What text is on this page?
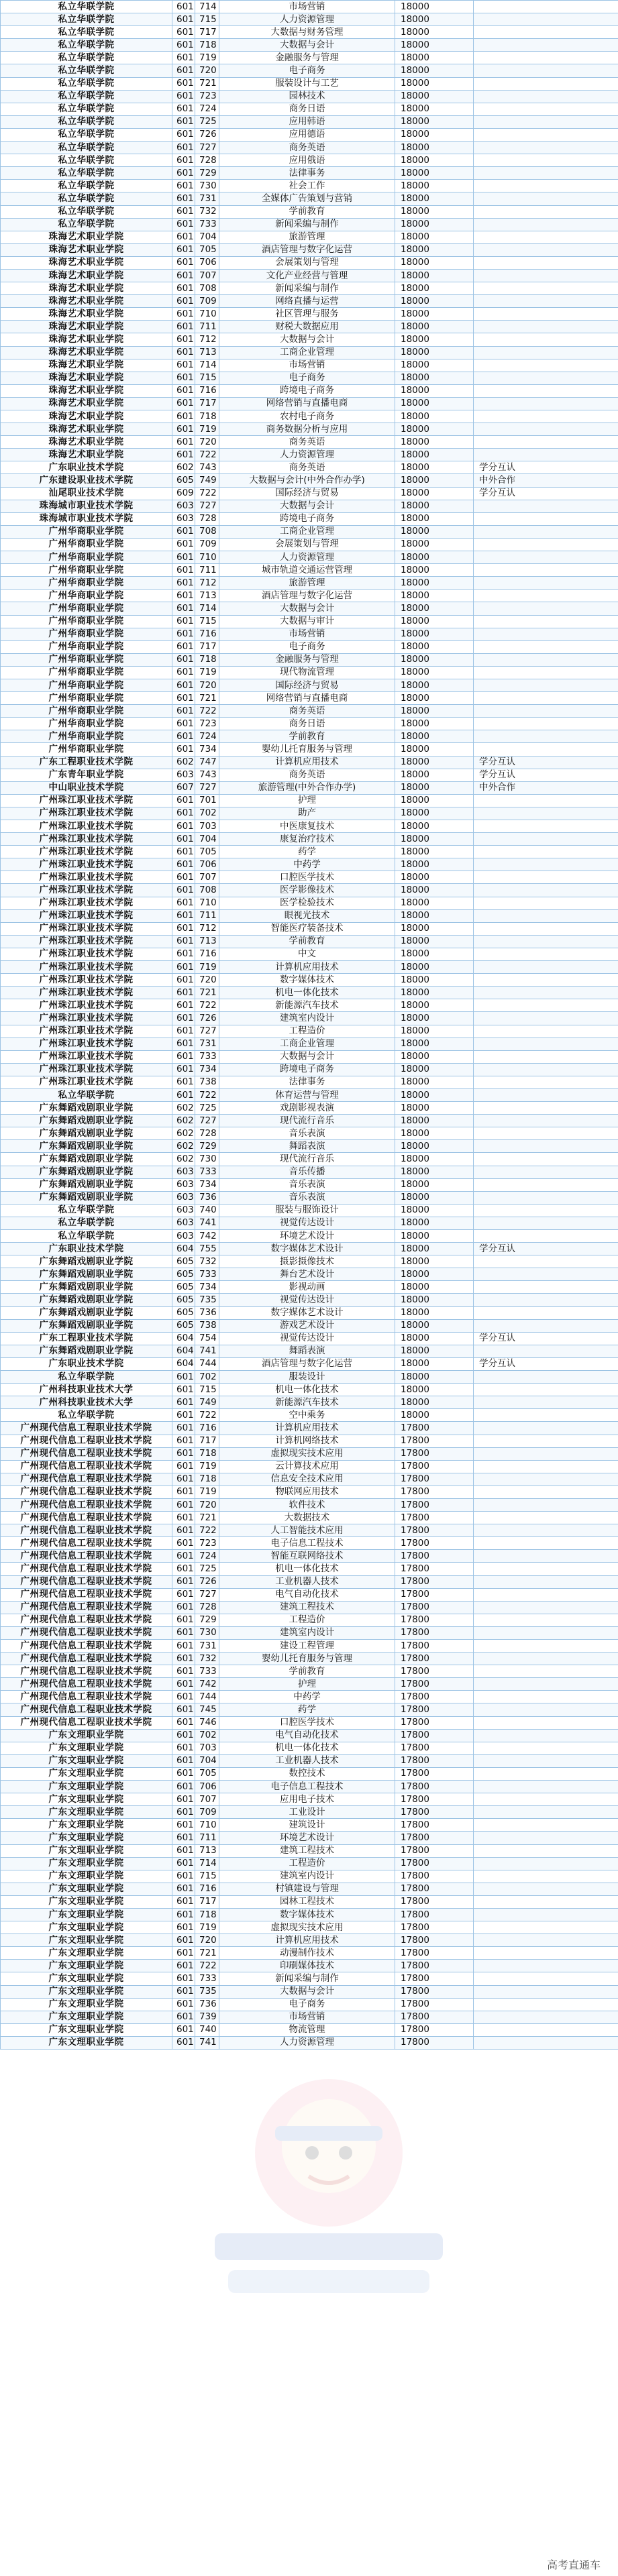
私立华联学院	601	714	市场营销	18000	
私立华联学院	601	715	人力资源管理	18000	
私立华联学院	601	717	大数据与财务管理	18000	
私立华联学院	601	718	大数据与会计	18000	
私立华联学院	601	719	金融服务与管理	18000	
私立华联学院	601	720	电子商务	18000	
私立华联学院	601	721	服装设计与工艺	18000	
私立华联学院	601	723	园林技术	18000	
私立华联学院	601	724	商务日语	18000	
私立华联学院	601	725	应用韩语	18000	
私立华联学院	601	726	应用德语	18000	
私立华联学院	601	727	商务英语	18000	
私立华联学院	601	728	应用俄语	18000	
私立华联学院	601	729	法律事务	18000	
私立华联学院	601	730	社会工作	18000	
私立华联学院	601	731	全媒体广告策划与营销	18000	
私立华联学院	601	732	学前教育	18000	
私立华联学院	601	733	新闻采编与制作	18000	
珠海艺术职业学院	601	704	旅游管理	18000	
珠海艺术职业学院	601	705	酒店管理与数字化运营	18000	
珠海艺术职业学院	601	706	会展策划与管理	18000	
珠海艺术职业学院	601	707	文化产业经营与管理	18000	
珠海艺术职业学院	601	708	新闻采编与制作	18000	
珠海艺术职业学院	601	709	网络直播与运营	18000	
珠海艺术职业学院	601	710	社区管理与服务	18000	
珠海艺术职业学院	601	711	财税大数据应用	18000	
珠海艺术职业学院	601	712	大数据与会计	18000	
珠海艺术职业学院	601	713	工商企业管理	18000	
珠海艺术职业学院	601	714	市场营销	18000	
珠海艺术职业学院	601	715	电子商务	18000	
珠海艺术职业学院	601	716	跨境电子商务	18000	
珠海艺术职业学院	601	717	网络营销与直播电商	18000	
珠海艺术职业学院	601	718	农村电子商务	18000	
珠海艺术职业学院	601	719	商务数据分析与应用	18000	
珠海艺术职业学院	601	720	商务英语	18000	
珠海艺术职业学院	601	722	人力资源管理	18000	
广东职业技术学院	602	743	商务英语	18000	学分互认
广东建设职业技术学院	605	749	大数据与会计(中外合作办学)	18000	中外合作
汕尾职业技术学院	609	722	国际经济与贸易	18000	学分互认
珠海城市职业技术学院	603	727	大数据与会计	18000	
珠海城市职业技术学院	603	728	跨境电子商务	18000	
广州华商职业学院	601	708	工商企业管理	18000	
广州华商职业学院	601	709	会展策划与管理	18000	
广州华商职业学院	601	710	人力资源管理	18000	
广州华商职业学院	601	711	城市轨道交通运营管理	18000	
广州华商职业学院	601	712	旅游管理	18000	
广州华商职业学院	601	713	酒店管理与数字化运营	18000	
广州华商职业学院	601	714	大数据与会计	18000	
广州华商职业学院	601	715	大数据与审计	18000	
广州华商职业学院	601	716	市场营销	18000	
广州华商职业学院	601	717	电子商务	18000	
广州华商职业学院	601	718	金融服务与管理	18000	
广州华商职业学院	601	719	现代物流管理	18000	
广州华商职业学院	601	720	国际经济与贸易	18000	
广州华商职业学院	601	721	网络营销与直播电商	18000	
广州华商职业学院	601	722	商务英语	18000	
广州华商职业学院	601	723	商务日语	18000	
广州华商职业学院	601	724	学前教育	18000	
广州华商职业学院	601	734	婴幼儿托育服务与管理	18000	
广东工程职业技术学院	602	747	计算机应用技术	18000	学分互认
广东青年职业学院	603	743	商务英语	18000	学分互认
中山职业技术学院	607	727	旅游管理(中外合作办学)	18000	中外合作
广州珠江职业技术学院	601	701	护理	18000	
广州珠江职业技术学院	601	702	助产	18000	
广州珠江职业技术学院	601	703	中医康复技术	18000	
广州珠江职业技术学院	601	704	康复治疗技术	18000	
广州珠江职业技术学院	601	705	药学	18000	
广州珠江职业技术学院	601	706	中药学	18000	
广州珠江职业技术学院	601	707	口腔医学技术	18000	
广州珠江职业技术学院	601	708	医学影像技术	18000	
广州珠江职业技术学院	601	710	医学检验技术	18000	
广州珠江职业技术学院	601	711	眼视光技术	18000	
广州珠江职业技术学院	601	712	智能医疗装备技术	18000	
广州珠江职业技术学院	601	713	学前教育	18000	
广州珠江职业技术学院	601	716	中文	18000	
广州珠江职业技术学院	601	719	计算机应用技术	18000	
广州珠江职业技术学院	601	720	数字媒体技术	18000	
广州珠江职业技术学院	601	721	机电一体化技术	18000	
广州珠江职业技术学院	601	722	新能源汽车技术	18000	
广州珠江职业技术学院	601	726	建筑室内设计	18000	
广州珠江职业技术学院	601	727	工程造价	18000	
广州珠江职业技术学院	601	731	工商企业管理	18000	
广州珠江职业技术学院	601	733	大数据与会计	18000	
广州珠江职业技术学院	601	734	跨境电子商务	18000	
广州珠江职业技术学院	601	738	法律事务	18000	
私立华联学院	601	722	体育运营与管理	18000	
广东舞蹈戏剧职业学院	602	725	戏剧影视表演	18000	
广东舞蹈戏剧职业学院	602	727	现代流行音乐	18000	
广东舞蹈戏剧职业学院	602	728	音乐表演	18000	
广东舞蹈戏剧职业学院	602	729	舞蹈表演	18000	
广东舞蹈戏剧职业学院	602	730	现代流行音乐	18000	
广东舞蹈戏剧职业学院	603	733	音乐传播	18000	
广东舞蹈戏剧职业学院	603	734	音乐表演	18000	
广东舞蹈戏剧职业学院	603	736	音乐表演	18000	
私立华联学院	603	740	服装与服饰设计	18000	
私立华联学院	603	741	视觉传达设计	18000	
私立华联学院	603	742	环境艺术设计	18000	
广东职业技术学院	604	755	数字媒体艺术设计	18000	学分互认
广东舞蹈戏剧职业学院	605	732	摄影摄像技术	18000	
广东舞蹈戏剧职业学院	605	733	舞台艺术设计	18000	
广东舞蹈戏剧职业学院	605	734	影视动画	18000	
广东舞蹈戏剧职业学院	605	735	视觉传达设计	18000	
广东舞蹈戏剧职业学院	605	736	数字媒体艺术设计	18000	
广东舞蹈戏剧职业学院	605	738	游戏艺术设计	18000	
广东工程职业技术学院	604	754	视觉传达设计	18000	学分互认
广东舞蹈戏剧职业学院	604	741	舞蹈表演	18000	
广东职业技术学院	604	744	酒店管理与数字化运营	18000	学分互认
私立华联学院	601	702	服装设计	18000	
广州科技职业技术大学	601	715	机电一体化技术	18000	
广州科技职业技术大学	601	749	新能源汽车技术	18000	
私立华联学院	601	722	空中乘务	18000	
广州现代信息工程职业技术学院	601	716	计算机应用技术	17800	
广州现代信息工程职业技术学院	601	717	计算机网络技术	17800	
广州现代信息工程职业技术学院	601	718	虚拟现实技术应用	17800	
广州现代信息工程职业技术学院	601	719	云计算技术应用	17800	
广州现代信息工程职业技术学院	601	718	信息安全技术应用	17800	
广州现代信息工程职业技术学院	601	719	物联网应用技术	17800	
广州现代信息工程职业技术学院	601	720	软件技术	17800	
广州现代信息工程职业技术学院	601	721	大数据技术	17800	
广州现代信息工程职业技术学院	601	722	人工智能技术应用	17800	
广州现代信息工程职业技术学院	601	723	电子信息工程技术	17800	
广州现代信息工程职业技术学院	601	724	智能互联网络技术	17800	
广州现代信息工程职业技术学院	601	725	机电一体化技术	17800	
广州现代信息工程职业技术学院	601	726	工业机器人技术	17800	
广州现代信息工程职业技术学院	601	727	电气自动化技术	17800	
广州现代信息工程职业技术学院	601	728	建筑工程技术	17800	
广州现代信息工程职业技术学院	601	729	工程造价	17800	
广州现代信息工程职业技术学院	601	730	建筑室内设计	17800	
广州现代信息工程职业技术学院	601	731	建设工程管理	17800	
广州现代信息工程职业技术学院	601	732	婴幼儿托育服务与管理	17800	
广州现代信息工程职业技术学院	601	733	学前教育	17800	
广州现代信息工程职业技术学院	601	742	护理	17800	
广州现代信息工程职业技术学院	601	744	中药学	17800	
广州现代信息工程职业技术学院	601	745	药学	17800	
广州现代信息工程职业技术学院	601	746	口腔医学技术	17800	
广东文理职业学院	601	702	电气自动化技术	17800	
广东文理职业学院	601	703	机电一体化技术	17800	
广东文理职业学院	601	704	工业机器人技术	17800	
广东文理职业学院	601	705	数控技术	17800	
广东文理职业学院	601	706	电子信息工程技术	17800	
广东文理职业学院	601	707	应用电子技术	17800	
广东文理职业学院	601	709	工业设计	17800	
广东文理职业学院	601	710	建筑设计	17800	
广东文理职业学院	601	711	环境艺术设计	17800	
广东文理职业学院	601	713	建筑工程技术	17800	
广东文理职业学院	601	714	工程造价	17800	
广东文理职业学院	601	715	建筑室内设计	17800	
广东文理职业学院	601	716	村镇建设与管理	17800	
广东文理职业学院	601	717	园林工程技术	17800	
广东文理职业学院	601	718	数字媒体技术	17800	
广东文理职业学院	601	719	虚拟现实技术应用	17800	
广东文理职业学院	601	720	计算机应用技术	17800	
广东文理职业学院	601	721	动漫制作技术	17800	
广东文理职业学院	601	722	印刷媒体技术	17800	
广东文理职业学院	601	733	新闻采编与制作	17800	
广东文理职业学院	601	735	大数据与会计	17800	
广东文理职业学院	601	736	电子商务	17800	
广东文理职业学院	601	739	市场营销	17800	
广东文理职业学院	601	740	物流管理	17800	
广东文理职业学院	601	741	人力资源管理	17800	
高考直通车
